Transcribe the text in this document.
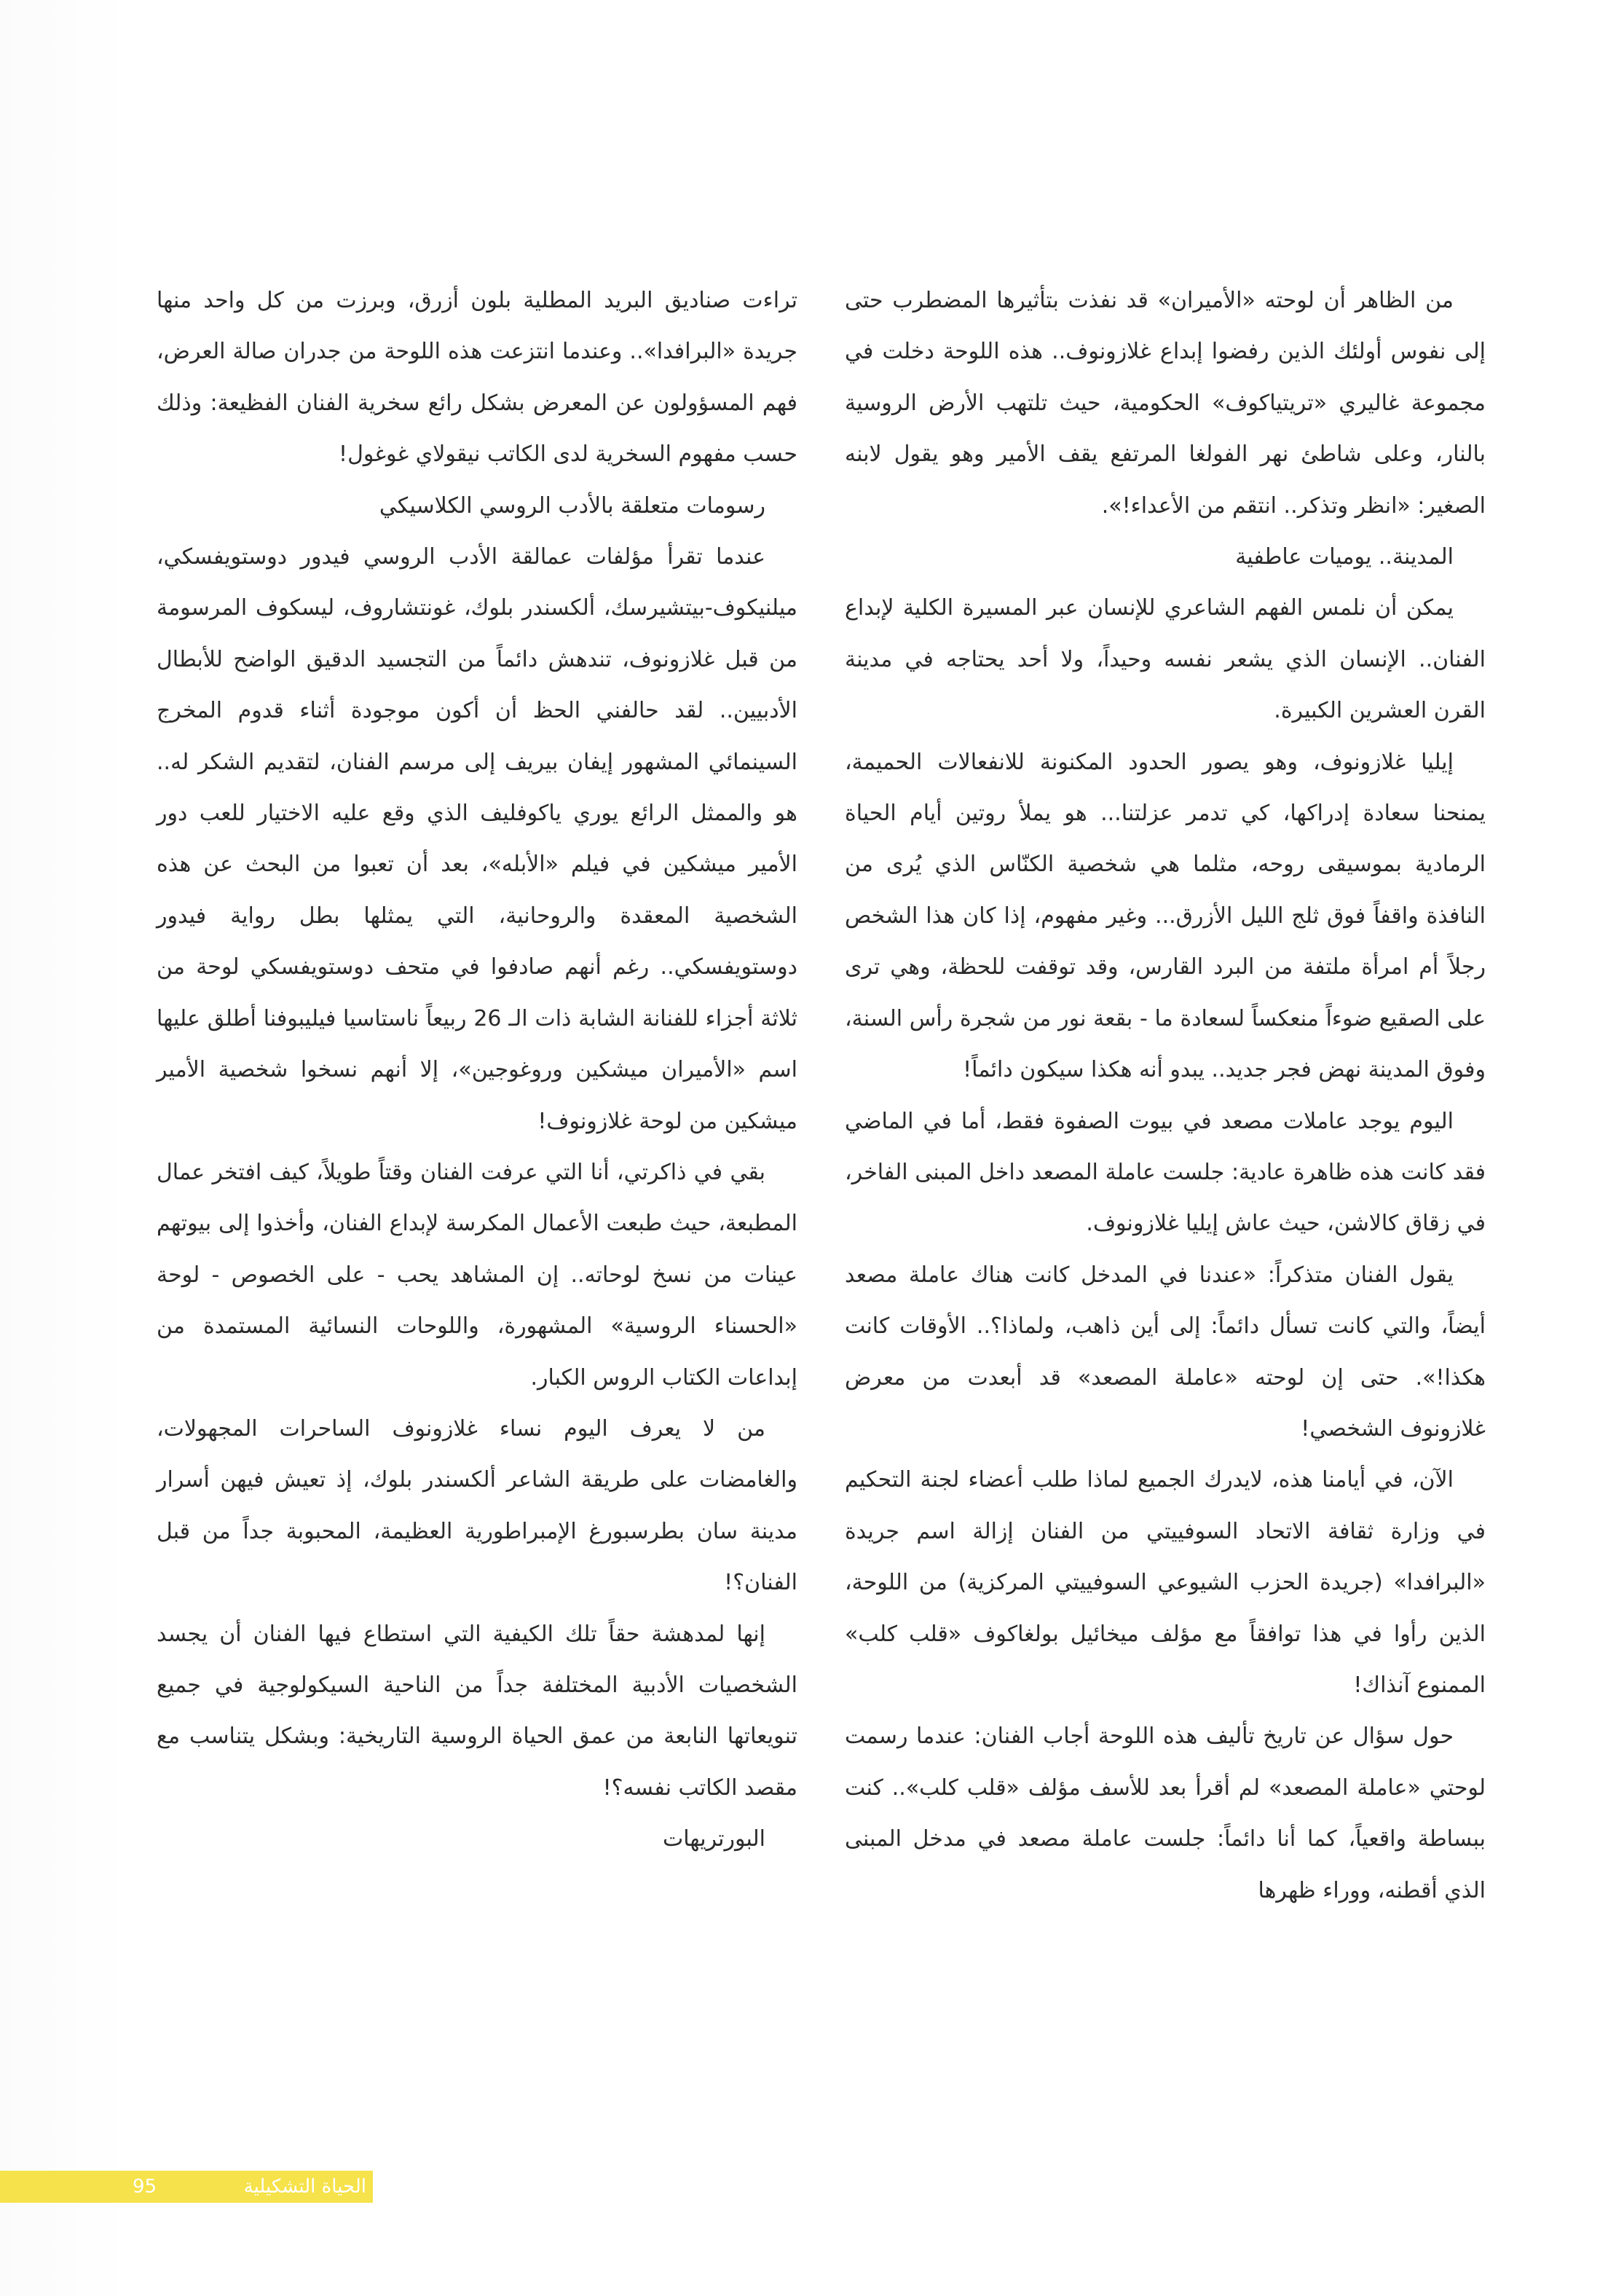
من الظاهر أن لوحته «الأميران» قد نفذت بتأثيرها المضطرب حتى إلى نفوس أولئك الذين رفضوا إبداع غلازونوف.. هذه اللوحة دخلت في مجموعة غاليري «تريتياكوف» الحكومية، حيث تلتهب الأرض الروسية بالنار، وعلى شاطئ نهر الفولغا المرتفع يقف الأمير وهو يقول لابنه الصغير: «انظر وتذكر.. انتقم من الأعداء!».

المدينة.. يوميات عاطفية

يمكن أن نلمس الفهم الشاعري للإنسان عبر المسيرة الكلية لإبداع الفنان.. الإنسان الذي يشعر نفسه وحيداً، ولا أحد يحتاجه في مدينة القرن العشرين الكبيرة.

إيليا غلازونوف، وهو يصور الحدود المكنونة للانفعالات الحميمة، يمنحنا سعادة إدراكها، كي تدمر عزلتنا... هو يملأ روتين أيام الحياة الرمادية بموسيقى روحه، مثلما هي شخصية الكنّاس الذي يُرى من النافذة واقفاً فوق ثلج الليل الأزرق... وغير مفهوم، إذا كان هذا الشخص رجلاً أم امرأة ملتفة من البرد القارس، وقد توقفت للحظة، وهي ترى على الصقيع ضوءاً منعكساً لسعادة ما - بقعة نور من شجرة رأس السنة، وفوق المدينة نهض فجر جديد.. يبدو أنه هكذا سيكون دائماً!

اليوم يوجد عاملات مصعد في بيوت الصفوة فقط، أما في الماضي فقد كانت هذه ظاهرة عادية: جلست عاملة المصعد داخل المبنى الفاخر، في زقاق كالاشن، حيث عاش إيليا غلازونوف.

يقول الفنان متذكراً: «عندنا في المدخل كانت هناك عاملة مصعد أيضاً، والتي كانت تسأل دائماً: إلى أين ذاهب، ولماذا؟.. الأوقات كانت هكذا!». حتى إن لوحته «عاملة المصعد» قد أبعدت من معرض غلازونوف الشخصي!

الآن، في أيامنا هذه، لايدرك الجميع لماذا طلب أعضاء لجنة التحكيم في وزارة ثقافة الاتحاد السوفييتي من الفنان إزالة اسم جريدة «البرافدا» (جريدة الحزب الشيوعي السوفييتي المركزية) من اللوحة، الذين رأوا في هذا توافقاً مع مؤلف ميخائيل بولغاكوف «قلب كلب» الممنوع آنذاك!

حول سؤال عن تاريخ تأليف هذه اللوحة أجاب الفنان: عندما رسمت لوحتي «عاملة المصعد» لم أقرأ بعد للأسف مؤلف «قلب كلب».. كنت ببساطة واقعياً، كما أنا دائماً: جلست عاملة مصعد في مدخل المبنى الذي أقطنه، ووراء ظهرها

تراءت صناديق البريد المطلية بلون أزرق، وبرزت من كل واحد منها جريدة «البرافدا».. وعندما انتزعت هذه اللوحة من جدران صالة العرض، فهم المسؤولون عن المعرض بشكل رائع سخرية الفنان الفظيعة: وذلك حسب مفهوم السخرية لدى الكاتب نيقولاي غوغول!

رسومات متعلقة بالأدب الروسي الكلاسيكي

عندما تقرأ مؤلفات عمالقة الأدب الروسي فيدور دوستويفسكي، ميلنيكوف-بيتشيرسك، ألكسندر بلوك، غونتشاروف، ليسكوف المرسومة من قبل غلازونوف، تندهش دائماً من التجسيد الدقيق الواضح للأبطال الأدبيين.. لقد حالفني الحظ أن أكون موجودة أثناء قدوم المخرج السينمائي المشهور إيفان بيريف إلى مرسم الفنان، لتقديم الشكر له.. هو والممثل الرائع يوري ياكوفليف الذي وقع عليه الاختيار للعب دور الأمير ميشكين في فيلم «الأبله»، بعد أن تعبوا من البحث عن هذه الشخصية المعقدة والروحانية، التي يمثلها بطل رواية فيدور دوستويفسكي.. رغم أنهم صادفوا في متحف دوستويفسكي لوحة من ثلاثة أجزاء للفنانة الشابة ذات الـ 26 ربيعاً ناستاسيا فيليبوفنا أطلق عليها اسم «الأميران ميشكين وروغوجين»، إلا أنهم نسخوا شخصية الأمير ميشكين من لوحة غلازونوف!

بقي في ذاكرتي، أنا التي عرفت الفنان وقتاً طويلاً، كيف افتخر عمال المطبعة، حيث طبعت الأعمال المكرسة لإبداع الفنان، وأخذوا إلى بيوتهم عينات من نسخ لوحاته.. إن المشاهد يحب - على الخصوص - لوحة «الحسناء الروسية» المشهورة، واللوحات النسائية المستمدة من إبداعات الكتاب الروس الكبار.

من لا يعرف اليوم نساء غلازونوف الساحرات المجهولات، والغامضات على طريقة الشاعر ألكسندر بلوك، إذ تعيش فيهن أسرار مدينة سان بطرسبورغ الإمبراطورية العظيمة، المحبوبة جداً من قبل الفنان؟!

إنها لمدهشة حقاً تلك الكيفية التي استطاع فيها الفنان أن يجسد الشخصيات الأدبية المختلفة جداً من الناحية السيكولوجية في جميع تنويعاتها النابعة من عمق الحياة الروسية التاريخية: وبشكل يتناسب مع مقصد الكاتب نفسه؟!

البورتريهات
95	الحياة التشكيلية
